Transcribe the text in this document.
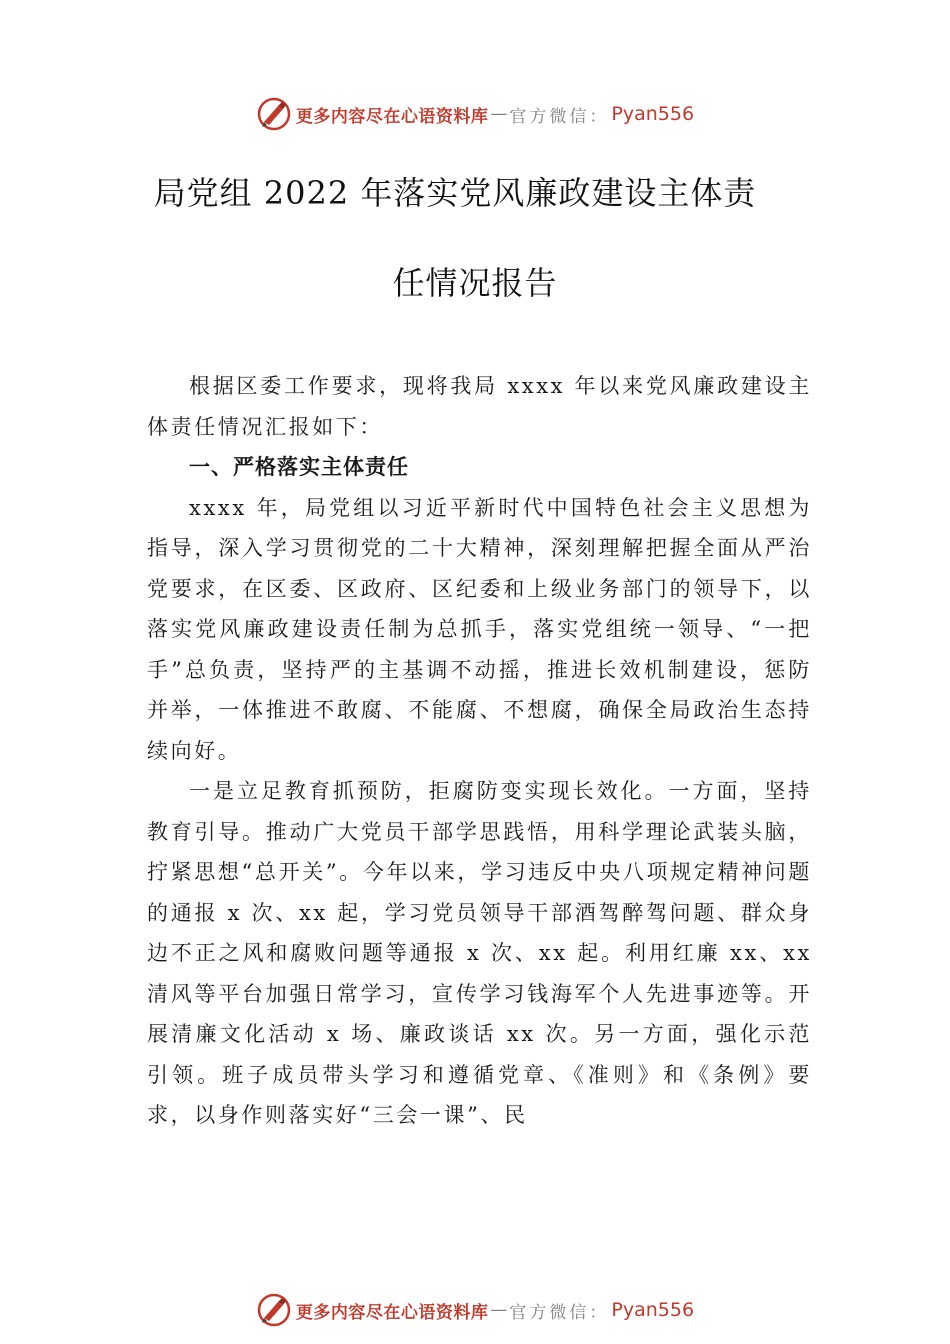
更多内容尽在心语资料库 — 官方微信： Pyan556
局党组 2022 年落实党风廉政建设主体责
任情况报告

根据区委工作要求，现将我局 xxxx 年以来党风廉政建设主体责任情况汇报如下：

一、严格落实主体责任

xxxx 年，局党组以习近平新时代中国特色社会主义思想为指导，深入学习贯彻党的二十大精神，深刻理解把握全面从严治党要求，在区委、区政府、区纪委和上级业务部门的领导下，以落实党风廉政建设责任制为总抓手，落实党组统一领导、“一把手”总负责，坚持严的主基调不动摇，推进长效机制建设，惩防并举，一体推进不敢腐、不能腐、不想腐，确保全局政治生态持续向好。

一是立足教育抓预防，拒腐防变实现长效化。一方面，坚持教育引导。推动广大党员干部学思践悟，用科学理论武装头脑，拧紧思想“总开关”。今年以来，学习违反中央八项规定精神问题的通报 x 次、xx 起，学习党员领导干部酒驾醉驾问题、群众身边不正之风和腐败问题等通报 x 次、xx 起。利用红廉 xx、xx 清风等平台加强日常学习，宣传学习钱海军个人先进事迹等。开展清廉文化活动 x 场、廉政谈话 xx 次。另一方面，强化示范引领。班子成员带头学习和遵循党章、《准则》和《条例》要求，以身作则落实好“三会一课”、民

更多内容尽在心语资料库 — 官方微信： Pyan556
